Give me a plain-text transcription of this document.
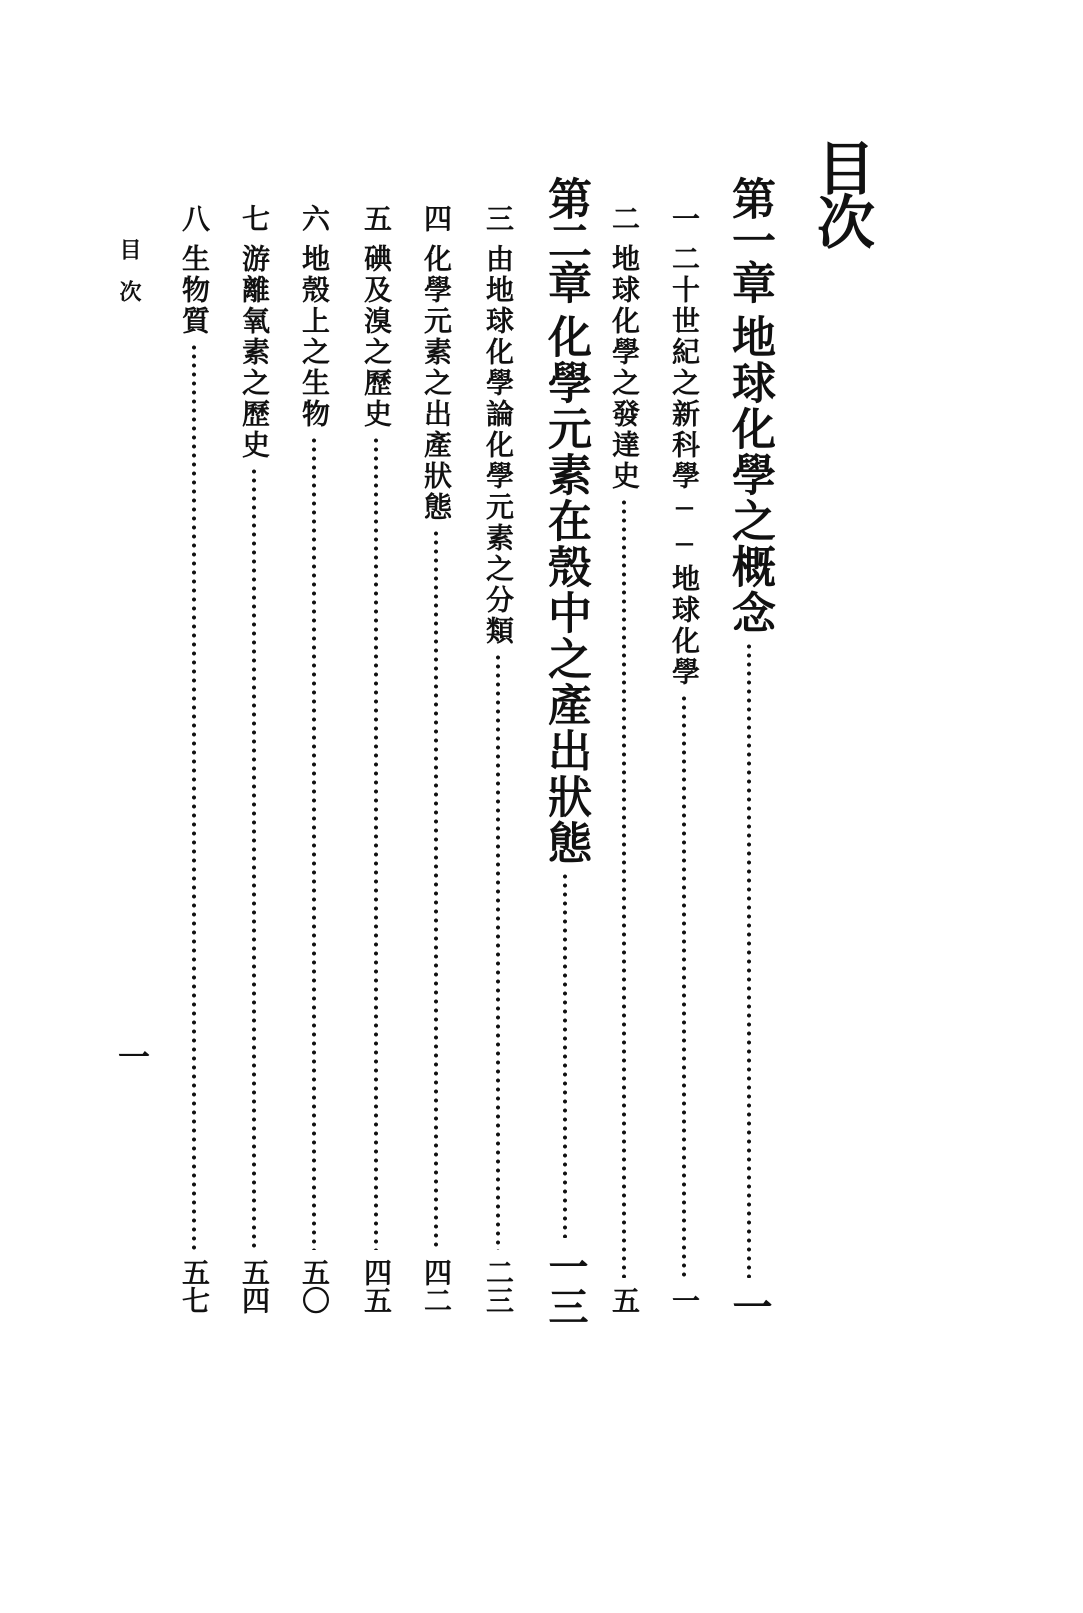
目次
第一章
地球化學之概念
一
一
二十世紀之新科學──地球化學
一
二
地球化學之發達史
五
第二章
化學元素在殼中之產出狀態
一三
三
由地球化學論化學元素之分類
二三
四
化學元素之出產狀態
四二
五
碘及溴之歷史
四五
六
地殼上之生物
五〇
七
游離氧素之歷史
五四
八
生物質
五七
目次
一
